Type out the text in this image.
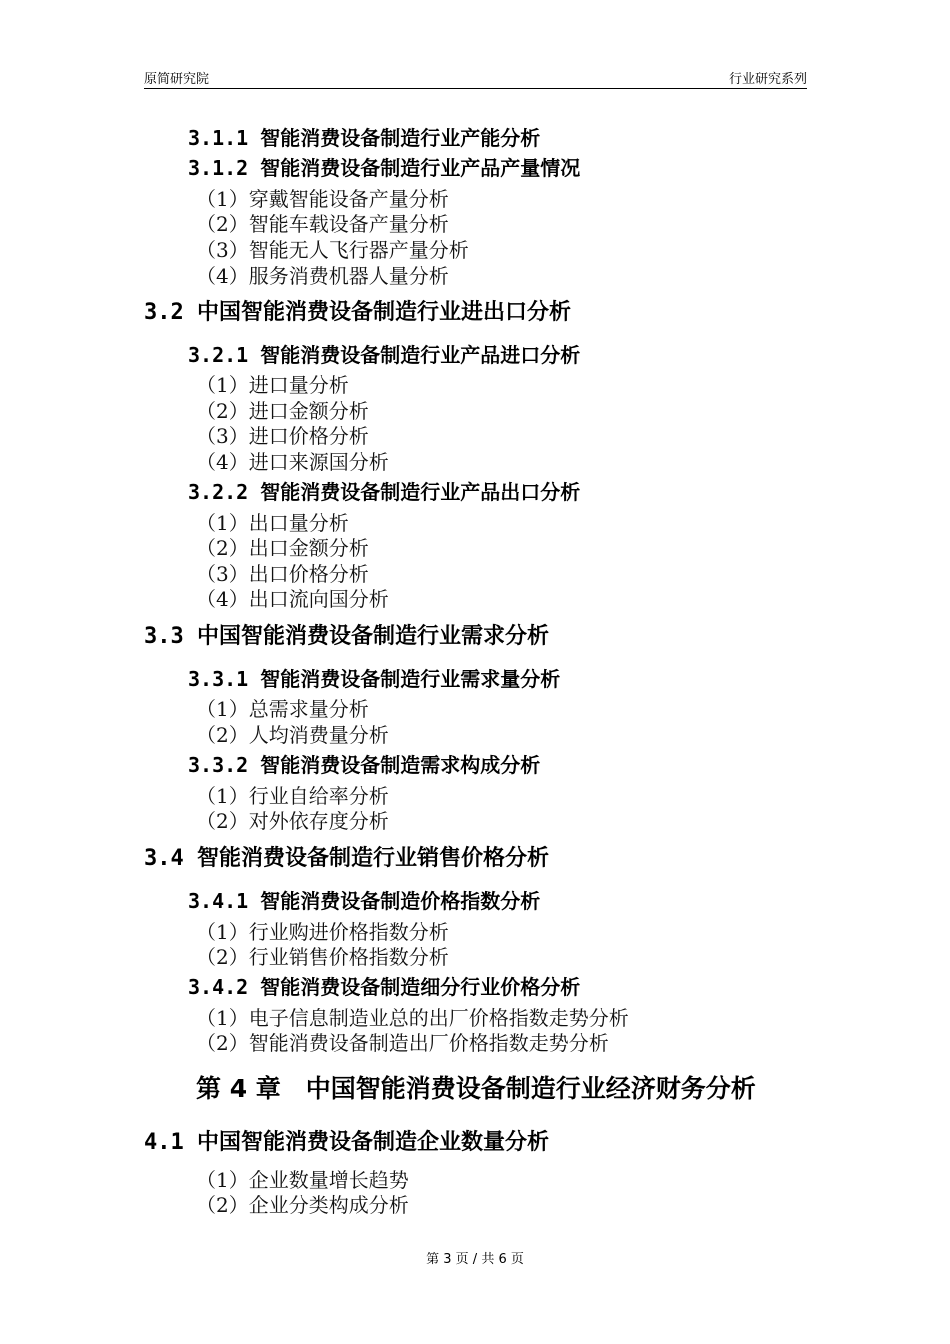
原简研究院	行业研究系列
3.1.1 智能消费设备制造行业产能分析
3.1.2 智能消费设备制造行业产品产量情况
（1）穿戴智能设备产量分析
（2）智能车载设备产量分析
（3）智能无人飞行器产量分析
（4）服务消费机器人量分析
3.2 中国智能消费设备制造行业进出口分析
3.2.1 智能消费设备制造行业产品进口分析
（1）进口量分析
（2）进口金额分析
（3）进口价格分析
（4）进口来源国分析
3.2.2 智能消费设备制造行业产品出口分析
（1）出口量分析
（2）出口金额分析
（3）出口价格分析
（4）出口流向国分析
3.3 中国智能消费设备制造行业需求分析
3.3.1 智能消费设备制造行业需求量分析
（1）总需求量分析
（2）人均消费量分析
3.3.2 智能消费设备制造需求构成分析
（1）行业自给率分析
（2）对外依存度分析
3.4 智能消费设备制造行业销售价格分析
3.4.1 智能消费设备制造价格指数分析
（1）行业购进价格指数分析
（2）行业销售价格指数分析
3.4.2 智能消费设备制造细分行业价格分析
（1）电子信息制造业总的出厂价格指数走势分析
（2）智能消费设备制造出厂价格指数走势分析
第 4 章　中国智能消费设备制造行业经济财务分析
4.1 中国智能消费设备制造企业数量分析
（1）企业数量增长趋势
（2）企业分类构成分析
第 3 页 / 共 6 页
